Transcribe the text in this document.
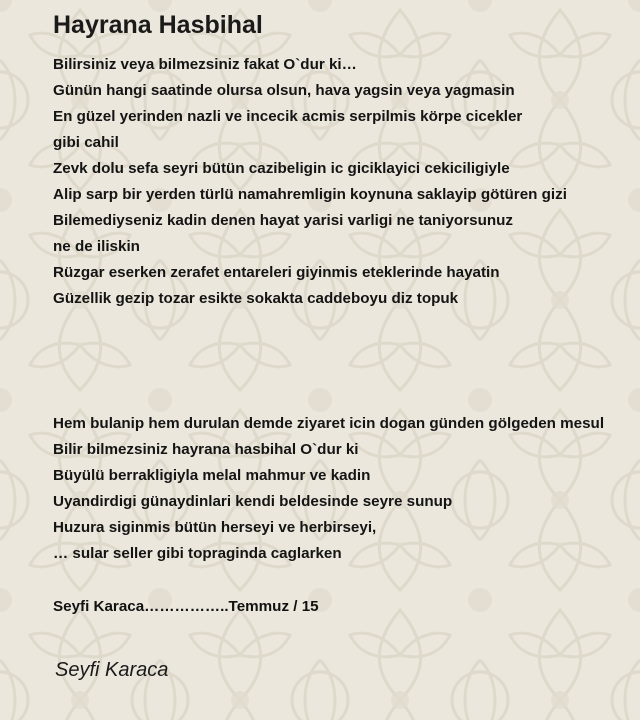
Hayrana Hasbihal
Bilirsiniz veya bilmezsiniz fakat O`dur ki…
Günün hangi saatinde olursa olsun, hava yagsin veya yagmasin
En güzel yerinden nazli ve incecik acmis serpilmis körpe cicekler
gibi cahil
Zevk dolu sefa seyri bütün cazibeligin ic giciklayici cekiciligiyle
Alip sarp bir yerden türlü namahremligin koynuna saklayip götüren gizi
Bilemediyseniz kadin denen hayat yarisi varligi ne taniyorsunuz
ne de iliskin
Rüzgar eserken zerafet entareleri giyinmis eteklerinde hayatin
Güzellik gezip tozar esikte sokakta caddeboyu diz topuk
Hem bulanip hem durulan demde ziyaret icin dogan günden gölgeden mesul
Bilir bilmezsiniz hayrana hasbihal O`dur ki
Büyülü berrakligiyla melal mahmur ve kadin
Uyandirdigi günaydinlari kendi beldesinde seyre sunup
Huzura siginmis bütün herseyi ve herbirseyi,
… sular seller gibi topraginda caglarken
Seyfi Karaca……………..Temmuz / 15
Seyfi Karaca
